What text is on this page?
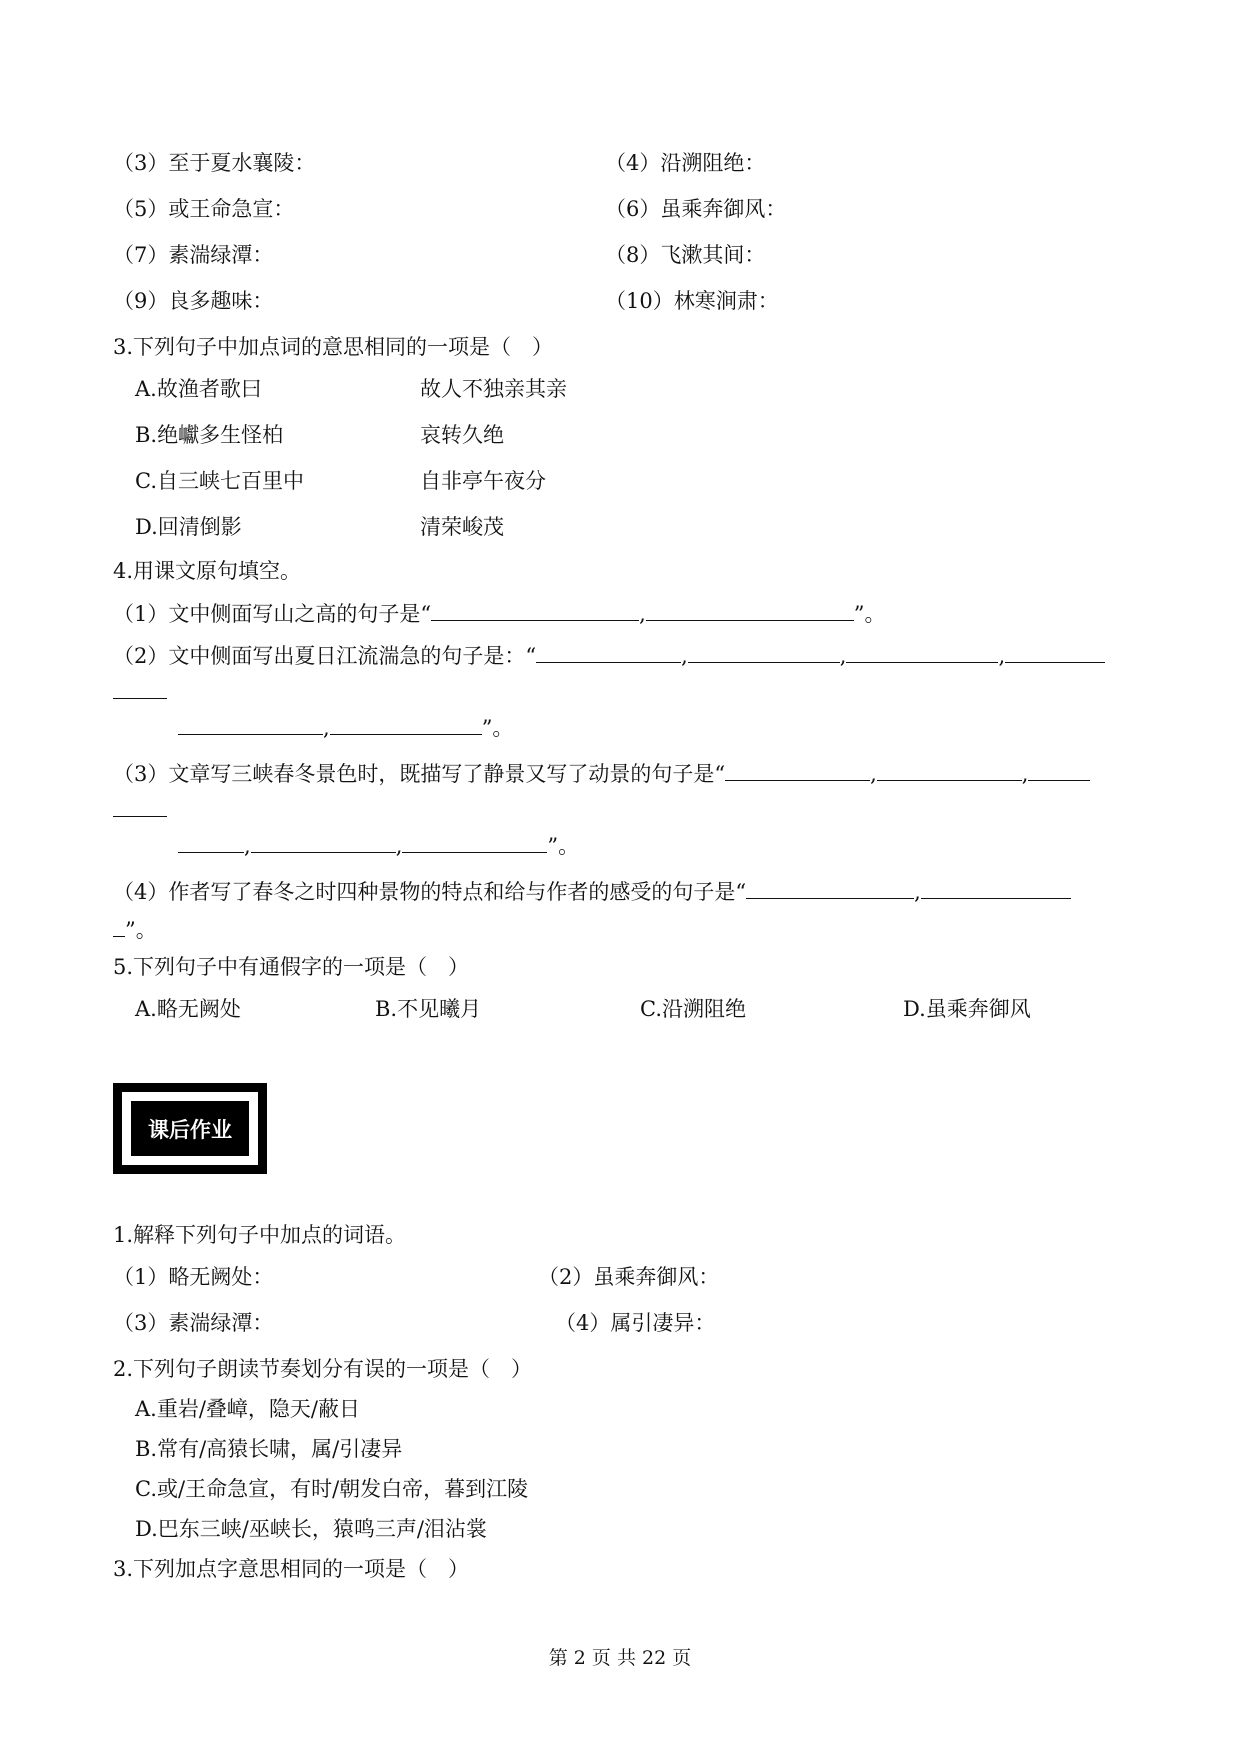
（3）至于夏水襄陵：	（4）沿溯阻绝：
（5）或王命急宣：	（6）虽乘奔御风：
（7）素湍绿潭：	（8）飞漱其间：
（9）良多趣味：	（10）林寒涧肃：
3.下列句子中加点词的意思相同的一项是（　）
A.故渔者歌曰	故人不独亲其亲
B.绝巘多生怪柏	哀转久绝
C.自三峡七百里中	自非亭午夜分
D.回清倒影	清荣峻茂
4.用课文原句填空。
（1）文中侧面写山之高的句子是“	,	”。
（2）文中侧面写出夏日江流湍急的句子是：“	,	,	,
,	”。
（3）文章写三峡春冬景色时，既描写了静景又写了动景的句子是“	,	,
,	,	”。
（4）作者写了春冬之时四种景物的特点和给与作者的感受的句子是“	,
”。
5.下列句子中有通假字的一项是（　）
A.略无阙处	B.不见曦月	C.沿溯阻绝	D.虽乘奔御风
课后作业
1.解释下列句子中加点的词语。
（1）略无阙处：	（2）虽乘奔御风：
（3）素湍绿潭：	（4）属引凄异：
2.下列句子朗读节奏划分有误的一项是（　）
A.重岩/叠嶂，隐天/蔽日
B.常有/高猿长啸，属/引凄异
C.或/王命急宣，有时/朝发白帝，暮到江陵
D.巴东三峡/巫峡长，猿鸣三声/泪沾裳
3.下列加点字意思相同的一项是（　）
第 2 页 共 22 页
